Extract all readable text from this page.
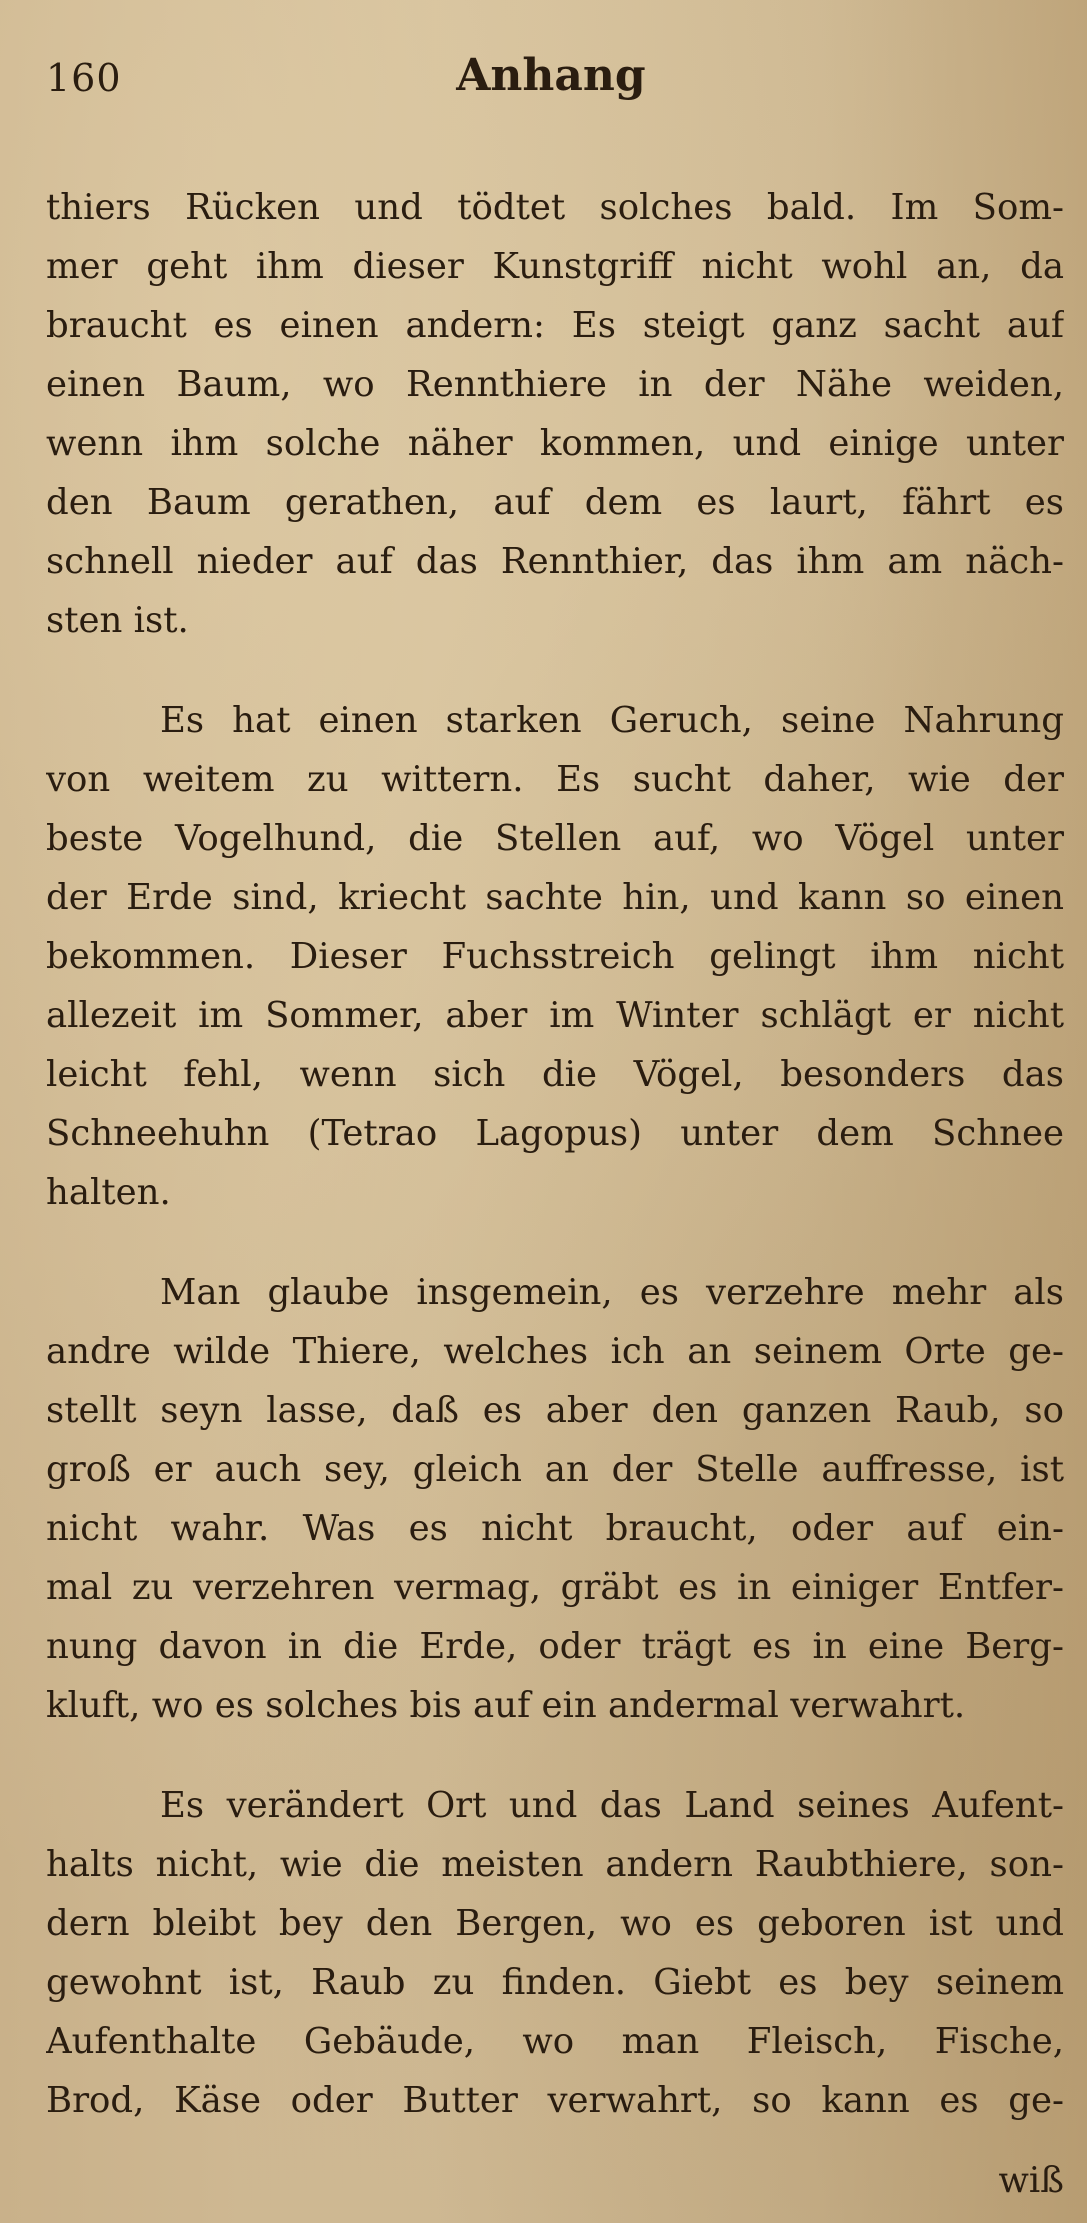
160	Anhang
thiers Rücken und tödtet solches bald. Im Som-
mer geht ihm dieser Kunstgriff nicht wohl an, da
braucht es einen andern: Es steigt ganz sacht auf
einen Baum, wo Rennthiere in der Nähe weiden,
wenn ihm solche näher kommen, und einige unter
den Baum gerathen, auf dem es laurt, fährt es
schnell nieder auf das Rennthier, das ihm am näch-
sten ist.
Es hat einen starken Geruch, seine Nahrung
von weitem zu wittern. Es sucht daher, wie der
beste Vogelhund, die Stellen auf, wo Vögel unter
der Erde sind, kriecht sachte hin, und kann so einen
bekommen. Dieser Fuchsstreich gelingt ihm nicht
allezeit im Sommer, aber im Winter schlägt er nicht
leicht fehl, wenn sich die Vögel, besonders das
Schneehuhn (Tetrao Lagopus) unter dem Schnee
halten.
Man glaube insgemein, es verzehre mehr als
andre wilde Thiere, welches ich an seinem Orte ge-
stellt seyn lasse, daß es aber den ganzen Raub, so
groß er auch sey, gleich an der Stelle auffresse, ist
nicht wahr. Was es nicht braucht, oder auf ein-
mal zu verzehren vermag, gräbt es in einiger Entfer-
nung davon in die Erde, oder trägt es in eine Berg-
kluft, wo es solches bis auf ein andermal verwahrt.
Es verändert Ort und das Land seines Aufent-
halts nicht, wie die meisten andern Raubthiere, son-
dern bleibt bey den Bergen, wo es geboren ist und
gewohnt ist, Raub zu finden. Giebt es bey seinem
Aufenthalte Gebäude, wo man Fleisch, Fische,
Brod, Käse oder Butter verwahrt, so kann es ge-
wiß
